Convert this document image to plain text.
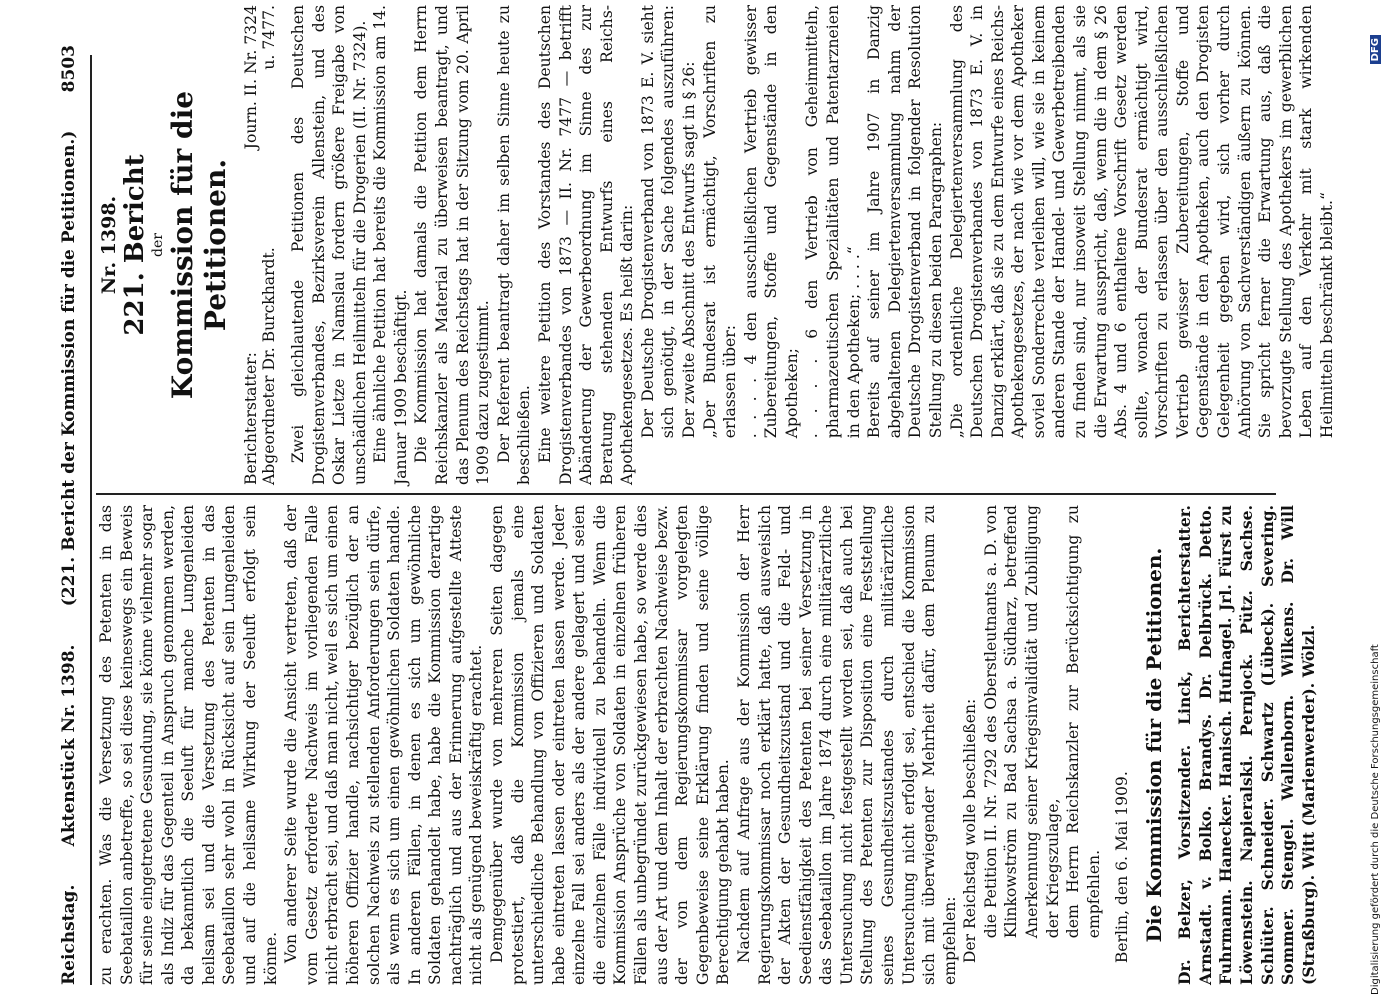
Reichstag.
Aktenstück Nr. 1398.
(221. Bericht der Kommission für die Petitionen.)
8503

zu erachten. Was die Versetzung des Petenten in das Seebataillon anbetreffe, so sei diese keineswegs ein Beweis für seine eingetretene Gesundung, sie könne vielmehr sogar als Indiz für das Gegenteil in Anspruch genommen werden, da bekanntlich die Seeluft für manche Lungenleiden heilsam sei und die Versetzung des Petenten in das Seebataillon sehr wohl in Rücksicht auf sein Lungenleiden und auf die heilsame Wirkung der Seeluft erfolgt sein könne. Von anderer Seite wurde die Ansicht vertreten, daß der vom Gesetz erforderte Nachweis im vorliegenden Falle nicht erbracht sei, und daß man nicht, weil es sich um einen höheren Offizier handle, nachsichtiger bezüglich der an solchen Nachweis zu stellenden Anforderungen sein dürfe, als wenn es sich um einen gewöhnlichen Soldaten handle. In anderen Fällen, in denen es sich um gewöhnliche Soldaten gehandelt habe, habe die Kommission derartige nachträglich und aus der Erinnerung aufgestellte Atteste nicht als genügend beweiskräftig erachtet. Demgegenüber wurde von mehreren Seiten dagegen protestiert, daß die Kommission jemals eine unterschiedliche Behandlung von Offizieren und Soldaten habe eintreten lassen oder eintreten lassen werde. Jeder einzelne Fall sei anders als der andere gelagert und seien die einzelnen Fälle individuell zu behandeln. Wenn die Kommission Ansprüche von Soldaten in einzelnen früheren Fällen als unbegründet zurückgewiesen habe, so werde dies aus der Art und dem Inhalt der erbrachten Nachweise bezw. der von dem Regierungskommissar vorgelegten Gegenbeweise seine Erklärung finden und seine völlige Berechtigung gehabt haben. Nachdem auf Anfrage aus der Kommission der Herr Regierungskommissar noch erklärt hatte, daß ausweislich der Akten der Gesundheitszustand und die Feld- und Seedienstfähigkeit des Petenten bei seiner Versetzung in das Seebataillon im Jahre 1874 durch eine militärärztliche Untersuchung nicht festgestellt worden sei, daß auch bei Stellung des Petenten zur Disposition eine Feststellung seines Gesundheitszustandes durch militärärztliche Untersuchung nicht erfolgt sei, entschied die Kommission sich mit überwiegender Mehrheit dafür, dem Plenum zu empfehlen: Der Reichstag wolle beschließen: die Petition II. Nr. 7292 des Oberstleutnants a. D. von Klinkowström zu Bad Sachsa a. Südharz, betreffend Anerkennung seiner Kriegsinvalidität und Zubilligung der Kriegszulage, dem Herrn Reichskanzler zur Berücksichtigung zu empfehlen. Berlin, den 6. Mai 1909. Die Kommission für die Petitionen. Dr. Belzer, Vorsitzender. Linck, Berichterstatter. Arnstadt. v. Bolko. Brandys. Dr. Delbrück. Detto. Fuhrmann. Hanecker. Hanisch. Hufnagel. Jrl. Fürst zu Löwenstein. Napieralski. Pernjock. Pütz. Sachse. Schlüter. Schneider. Schwartz (Lübeck). Severing. Sommer. Stengel. Wallenborn. Wilkens. Dr. Will (Straßburg). Witt (Marienwerder). Wölzl.

Nr. 1398. 221. Bericht der Kommission für die Petitionen.
Berichterstatter: Abgeordneter Dr. Burckhardt.
Journ. II. Nr. 7324 u. 7477. Zwei gleichlautende Petitionen des Deutschen Drogistenverbandes, Bezirksverein Allenstein, und des Oskar Lietze in Namslau fordern größere Freigabe von unschädlichen Heilmitteln für die Drogerien (II. Nr. 7324). Eine ähnliche Petition hat bereits die Kommission am 14. Januar 1909 beschäftigt. Die Kommission hat damals die Petition dem Herrn Reichskanzler als Material zu überweisen beantragt, und das Plenum des Reichstags hat in der Sitzung vom 20. April 1909 dazu zugestimmt. Der Referent beantragt daher im selben Sinne heute zu beschließen. Eine weitere Petition des Vorstandes des Deutschen Drogistenverbandes von 1873 — II. Nr. 7477 — betrifft Abänderung der Gewerbeordnung im Sinne des zur Beratung stehenden Entwurfs eines Reichs-Apothekengesetzes. Es heißt darin: Der Deutsche Drogistenverband von 1873 E. V. sieht sich genötigt, in der Sache folgendes auszuführen: Der zweite Abschnitt des Entwurfs sagt in § 26: „Der Bundesrat ist ermächtigt, Vorschriften zu erlassen über: . . . . 4 den ausschließlichen Vertrieb gewisser Zubereitungen, Stoffe und Gegenstände in den Apotheken; . . . . 6 den Vertrieb von Geheimmitteln, pharmazeutischen Spezialitäten und Patentarzneien in den Apotheken; . . . .“ Bereits auf seiner im Jahre 1907 in Danzig abgehaltenen Delegiertenversammlung nahm der Deutsche Drogistenverband in folgender Resolution Stellung zu diesen beiden Paragraphen: „Die ordentliche Delegiertenversammlung des Deutschen Drogistenverbandes von 1873 E. V. in Danzig erklärt, daß sie zu dem Entwurfe eines Reichs-Apothekengesetzes, der nach wie vor dem Apotheker soviel Sonderrechte verleihen will, wie sie in keinem anderen Stande der Handel- und Gewerbetreibenden zu finden sind, nur insoweit Stellung nimmt, als sie die Erwartung ausspricht, daß, wenn die in dem § 26 Abs. 4 und 6 enthaltene Vorschrift Gesetz werden sollte, wonach der Bundesrat ermächtigt wird, Vorschriften zu erlassen über den ausschließlichen Vertrieb gewisser Zubereitungen, Stoffe und Gegenstände in den Apotheken, auch den Drogisten Gelegenheit gegeben wird, sich vorher durch Anhörung von Sachverständigen äußern zu können. Sie spricht ferner die Erwartung aus, daß die bevorzugte Stellung des Apothekers im gewerblichen Leben auf den Verkehr mit stark wirkenden Heilmitteln beschränkt bleibt.“

Digitalisierung gefördert durch die Deutsche Forschungsgemeinschaft
DFG
